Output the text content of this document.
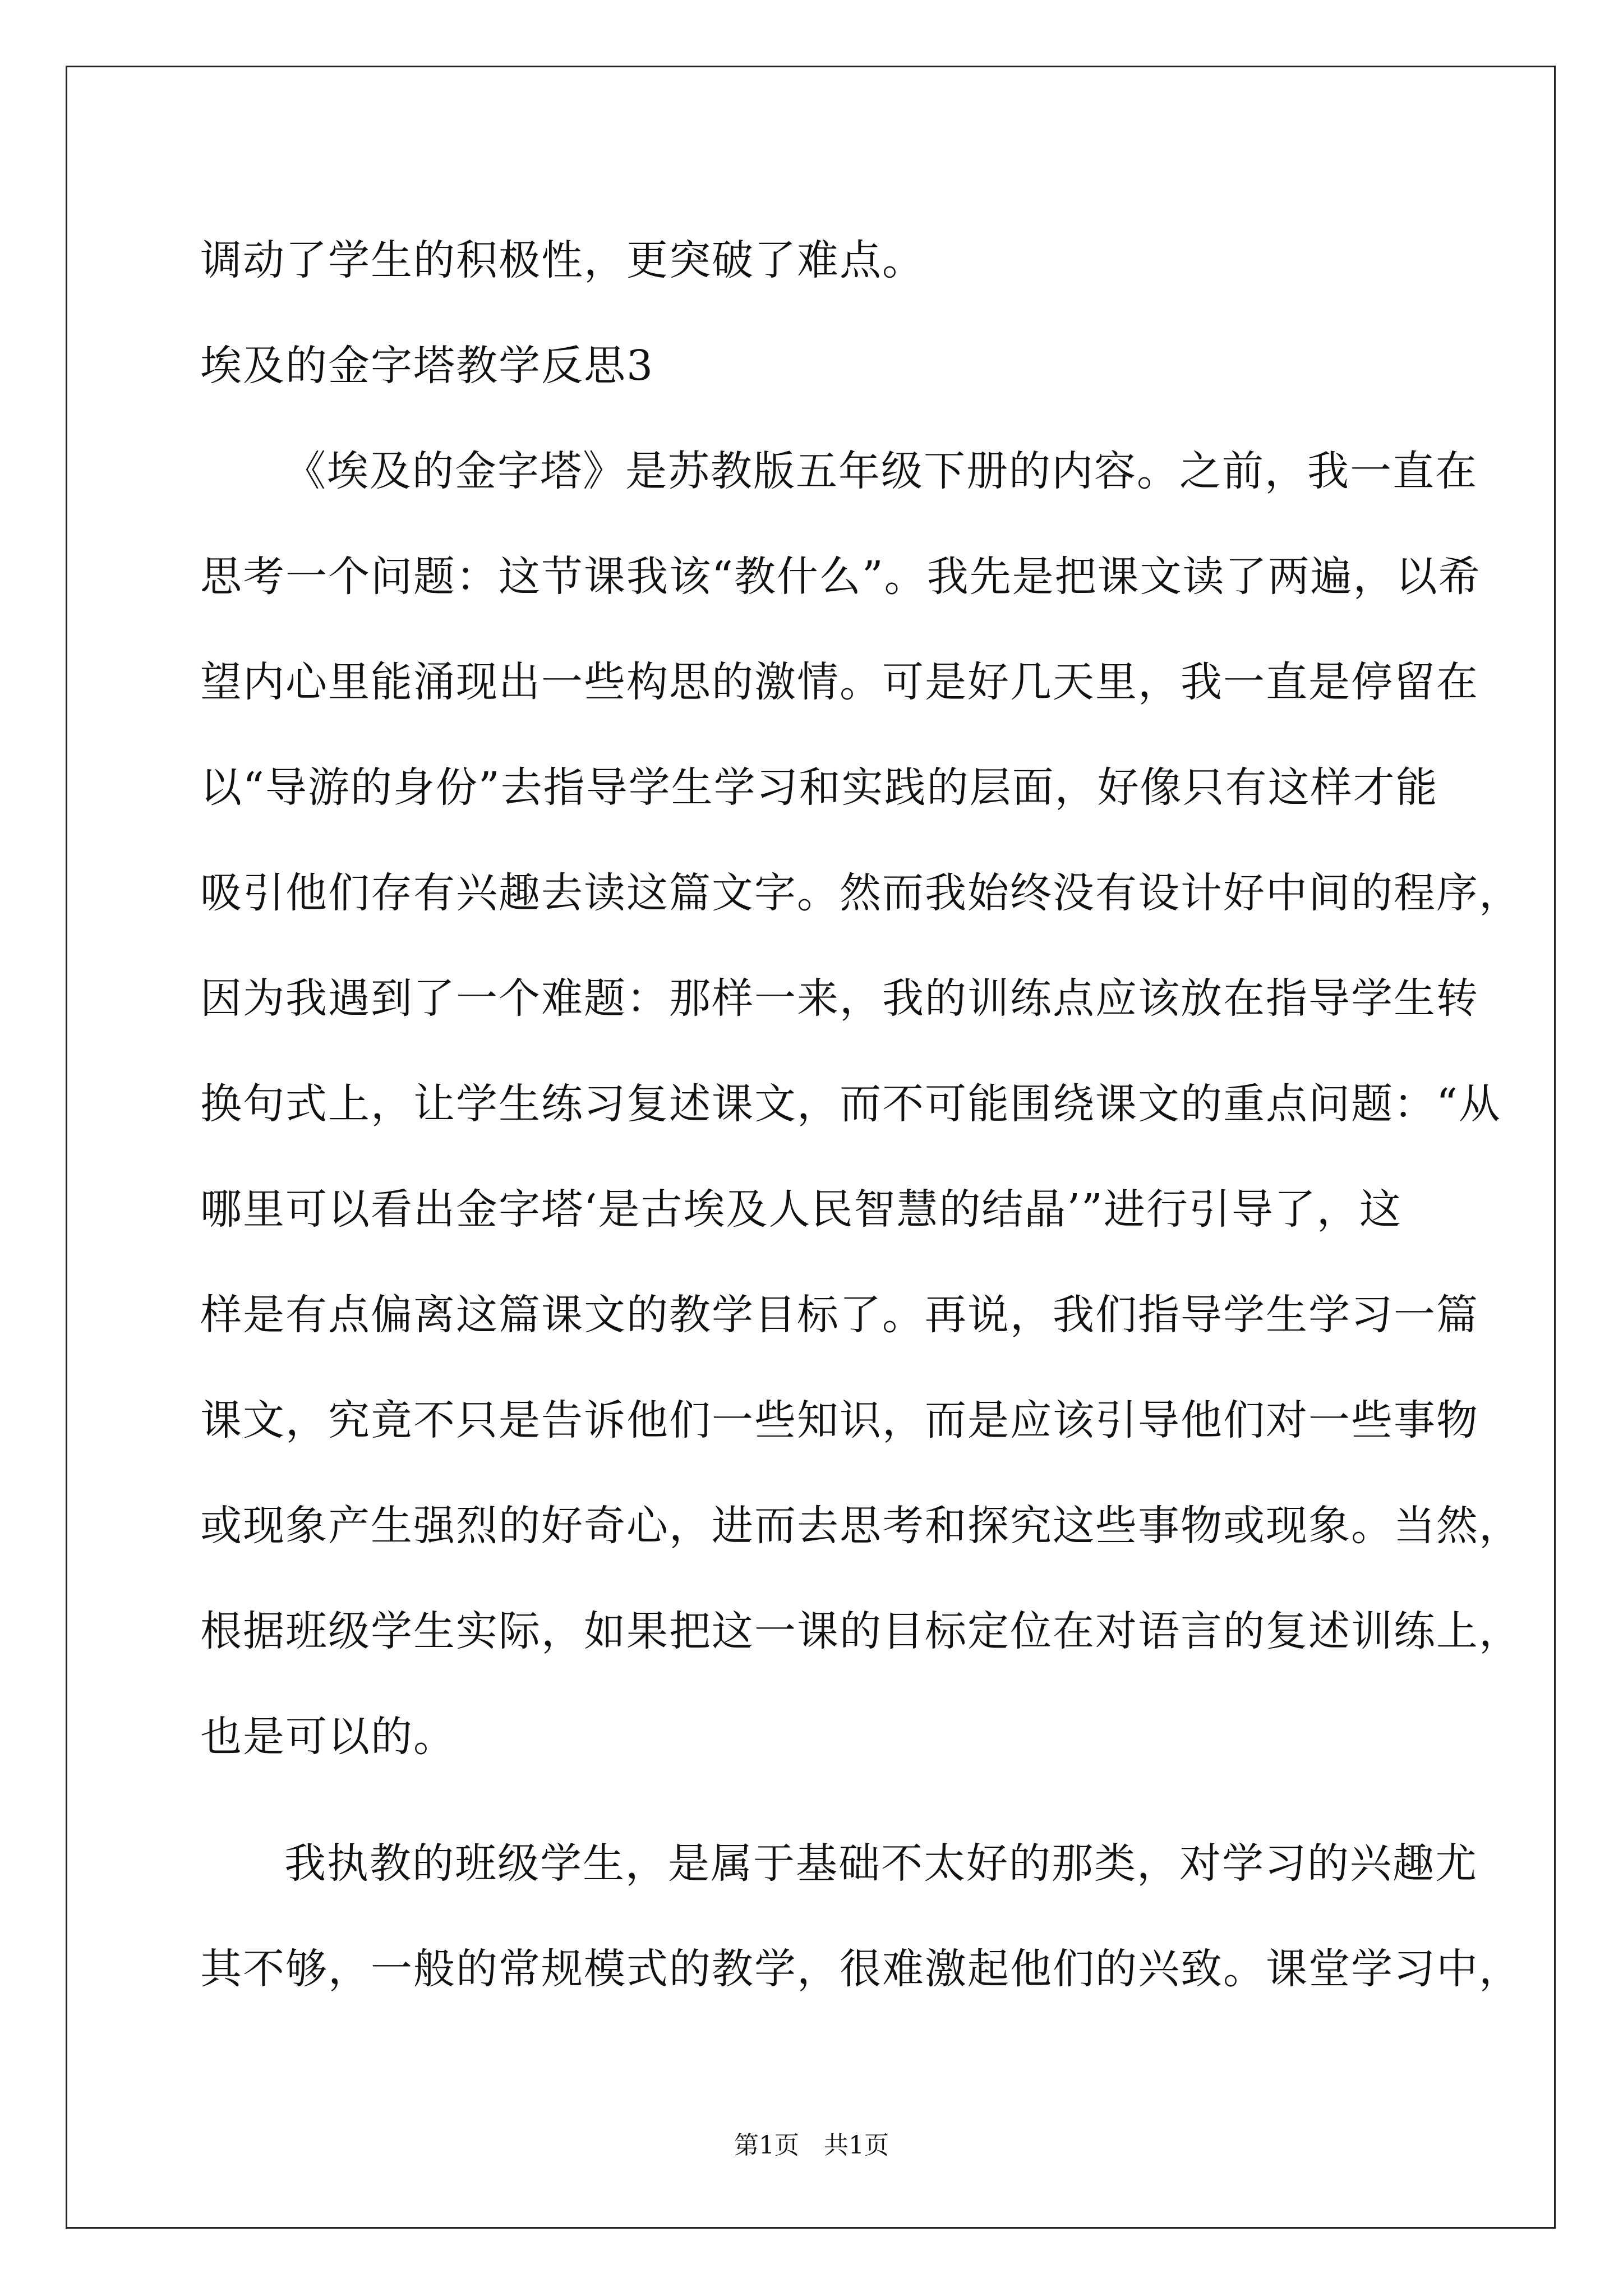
调动了学生的积极性，更突破了难点。
埃及的金字塔教学反思3
《埃及的金字塔》是苏教版五年级下册的内容。之前，我一直在
思考一个问题：这节课我该“教什么”。我先是把课文读了两遍，以希
望内心里能涌现出一些构思的激情。可是好几天里，我一直是停留在
以“导游的身份”去指导学生学习和实践的层面，好像只有这样才能
吸引他们存有兴趣去读这篇文字。然而我始终没有设计好中间的程序，
因为我遇到了一个难题：那样一来，我的训练点应该放在指导学生转
换句式上，让学生练习复述课文，而不可能围绕课文的重点问题：“从
哪里可以看出金字塔‘是古埃及人民智慧的结晶’”进行引导了，这
样是有点偏离这篇课文的教学目标了。再说，我们指导学生学习一篇
课文，究竟不只是告诉他们一些知识，而是应该引导他们对一些事物
或现象产生强烈的好奇心，进而去思考和探究这些事物或现象。当然，
根据班级学生实际，如果把这一课的目标定位在对语言的复述训练上，
也是可以的。
我执教的班级学生，是属于基础不太好的那类，对学习的兴趣尤
其不够，一般的常规模式的教学，很难激起他们的兴致。课堂学习中，
第1页　共1页
